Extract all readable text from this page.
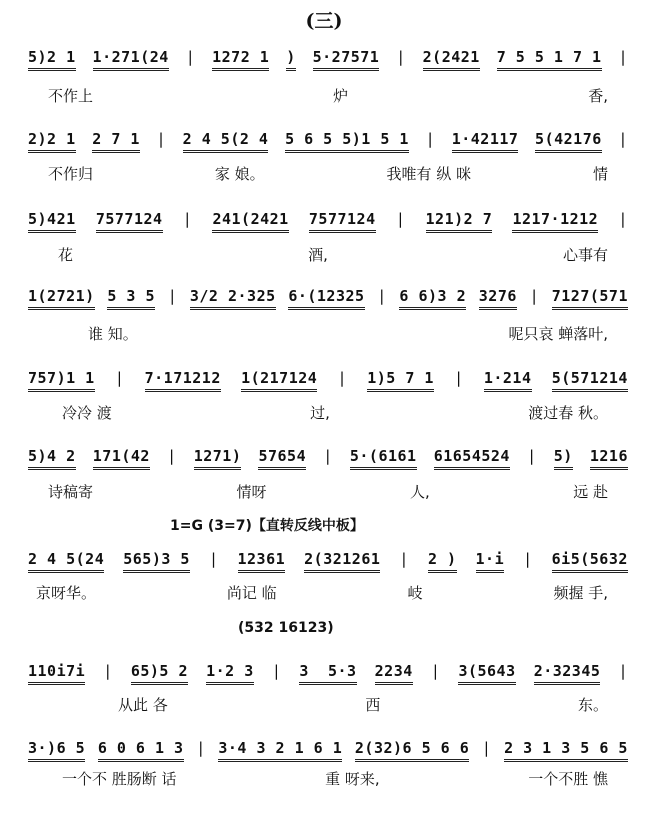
(三)
5)2 1 1·271(24 | 1272 1 ) 5·27571 | 2(2421 7 5 5 1 7 1 |
不作上	炉	香,
2)2 1 2 7 1 | 2 4 5(2 4 5 6 5 5)1 5 1 | 1·42117 5(42176 |
不作归	家 娘。	我唯有 纵 咪	情
5)421 7577124 | 241(2421 7577124 | 121)2 7 1217·1212 |
花	酒,	心事有
1(2721) 5 3 5 | 3/2 2·325 6·(12325 | 6 6)3 2 3276 | 7127(571
谁 知。	呢只哀 蝉落叶,
757)1 1 | 7·171212 1(217124 | 1)5 7 1 | 1·214 5(571214
冷冷 渡	过,	渡过春 秋。
5)4 2 171(42 | 1271) 57654 | 5·(6161 61654524 | 5) 1216
诗稿寄	情呀	人,	远 赴
1=G (3=7)【直转反线中板】
2 4 5(24 565)3 5 | 12361 2(321261 | 2 ) 1·i | 6i5(5632
京呀华。	尚记 临	岐	频握 手,
(532 16123)
110i7i | 65)5 2 1·2 3 | 3  5·3 2234 | 3(5643 2·32345 |
从此 各	西	东。
3·)6 5 6 0 6 1 3 | 3·4 3 2 1 6 1 2(32)6 5 6 6 | 2 3 1 3 5 6 5
一个不 胜肠断 话	重 呀来,	一个不胜 憔
